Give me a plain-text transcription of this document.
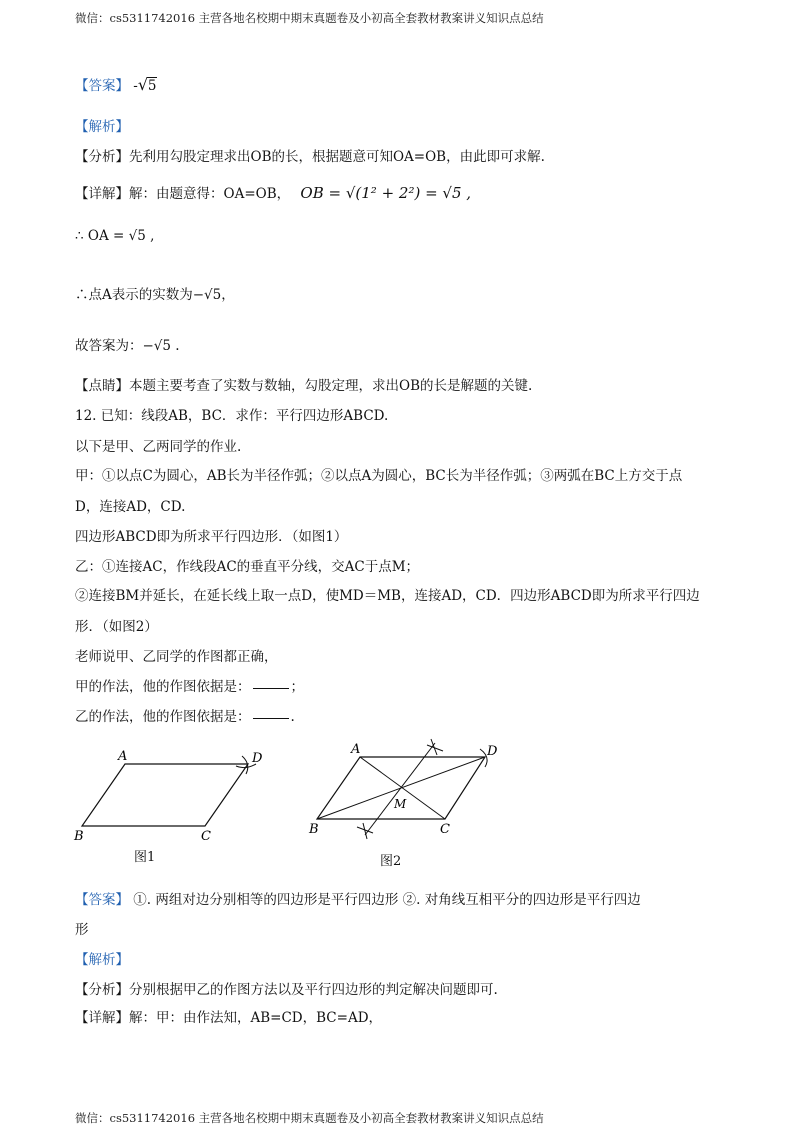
微信：cs5311742016 主营各地名校期中期末真题卷及小初高全套教材教案讲义知识点总结
【答案】 -√ 5
【解析】
【分析】先利用勾股定理求出OB的长，根据题意可知OA=OB，由此即可求解.
【详解】解：由题意得：OA=OB， OB = √(1² + 2²) = √5 ,
∴ OA = √5 ,
∴点A表示的实数为−√5，
故答案为：−√5 .
【点睛】本题主要考查了实数与数轴，勾股定理，求出OB的长是解题的关键.
12. 已知：线段AB，BC．求作：平行四边形ABCD.
以下是甲、乙两同学的作业.
甲：①以点C为圆心，AB长为半径作弧；②以点A为圆心，BC长为半径作弧；③两弧在BC上方交于点
D，连接AD，CD.
四边形ABCD即为所求平行四边形．（如图1）
乙：①连接AC，作线段AC的垂直平分线，交AC于点M；
②连接BM并延长，在延长线上取一点D，使MD＝MB，连接AD，CD．四边形ABCD即为所求平行四边
形．（如图2）
老师说甲、乙同学的作图都正确，
甲的作法，他的作图依据是：	；
乙的作法，他的作图依据是：	.
A	D
B	C
图1
A	D
M
B	C
图2
【答案】 ①. 两组对边分别相等的四边形是平行四边形 ②. 对角线互相平分的四边形是平行四边
形
【解析】
【分析】分别根据甲乙的作图方法以及平行四边形的判定解决问题即可.
【详解】解：甲：由作法知，AB=CD，BC=AD，
微信：cs5311742016 主营各地名校期中期末真题卷及小初高全套教材教案讲义知识点总结
